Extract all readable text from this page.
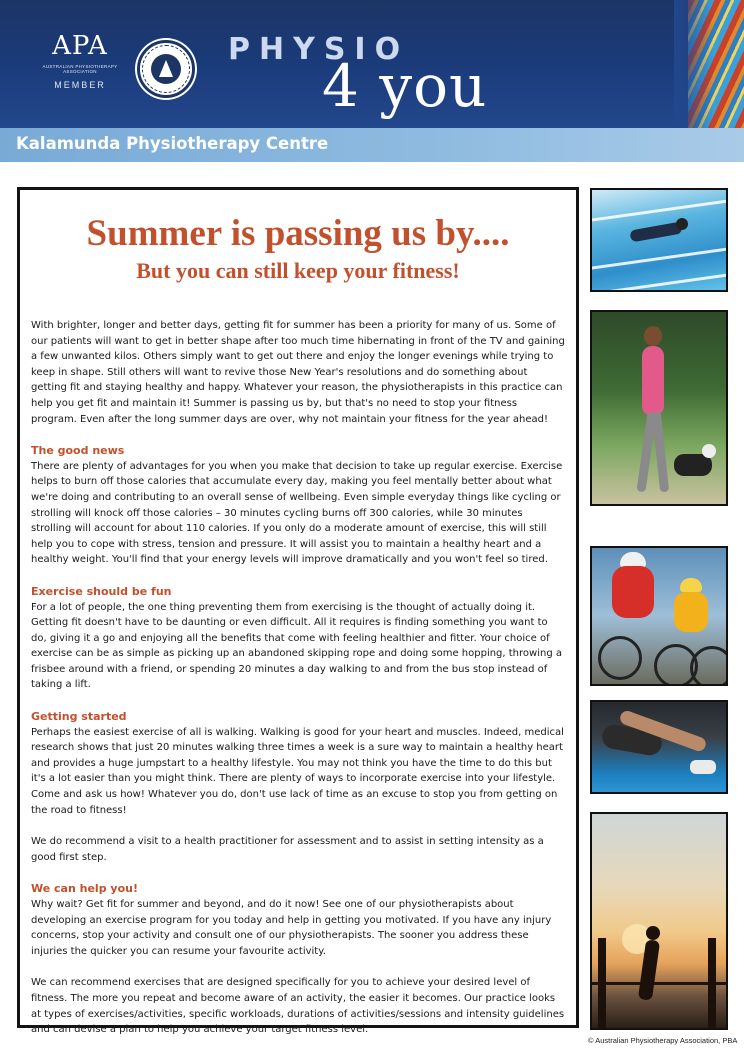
APA
AUSTRALIAN PHYSIOTHERAPY ASSOCIATION
MEMBER
PHYSIO
4 you
Kalamunda Physiotherapy Centre
Summer is passing us by....
But you can still keep your fitness!

With brighter, longer and better days, getting fit for summer has been a priority for many of us. Some of our patients will want to get in better shape after too much time hibernating in front of the TV and gaining a few unwanted kilos. Others simply want to get out there and enjoy the longer evenings while trying to keep in shape. Still others will want to revive those New Year's resolutions and do something about getting fit and staying healthy and happy. Whatever your reason, the physiotherapists in this practice can help you get fit and maintain it! Summer is passing us by, but that's no need to stop your fitness program. Even after the long summer days are over, why not maintain your fitness for the year ahead!

The good news

There are plenty of advantages for you when you make that decision to take up regular exercise. Exercise helps to burn off those calories that accumulate every day, making you feel mentally better about what we're doing and contributing to an overall sense of wellbeing. Even simple everyday things like cycling or strolling will knock off those calories – 30 minutes cycling burns off 300 calories, while 30 minutes strolling will account for about 110 calories. If you only do a moderate amount of exercise, this will still help you to cope with stress, tension and pressure. It will assist you to maintain a healthy heart and a healthy weight. You'll find that your energy levels will improve dramatically and you won't feel so tired.

Exercise should be fun

For a lot of people, the one thing preventing them from exercising is the thought of actually doing it. Getting fit doesn't have to be daunting or even difficult. All it requires is finding something you want to do, giving it a go and enjoying all the benefits that come with feeling healthier and fitter. Your choice of exercise can be as simple as picking up an abandoned skipping rope and doing some hopping, throwing a frisbee around with a friend, or spending 20 minutes a day walking to and from the bus stop instead of taking a lift.

Getting started

Perhaps the easiest exercise of all is walking. Walking is good for your heart and muscles. Indeed, medical research shows that just 20 minutes walking three times a week is a sure way to maintain a healthy heart and provides a huge jumpstart to a healthy lifestyle. You may not think you have the time to do this but it's a lot easier than you might think. There are plenty of ways to incorporate exercise into your lifestyle. Come and ask us how! Whatever you do, don't use lack of time as an excuse to stop you from getting on the road to fitness!

We do recommend a visit to a health practitioner for assessment and to assist in setting intensity as a good first step.

We can help you!

Why wait? Get fit for summer and beyond, and do it now! See one of our physiotherapists about developing an exercise program for you today and help in getting you motivated. If you have any injury concerns, stop your activity and consult one of our physiotherapists. The sooner you address these injuries the quicker you can resume your favourite activity.

We can recommend exercises that are designed specifically for you to achieve your desired level of fitness. The more you repeat and become aware of an activity, the easier it becomes. Our practice looks at types of exercises/activities, specific workloads, durations of activities/sessions and intensity guidelines and can devise a plan to help you achieve your target fitness level.

© Australian Physiotherapy Association, PBA
